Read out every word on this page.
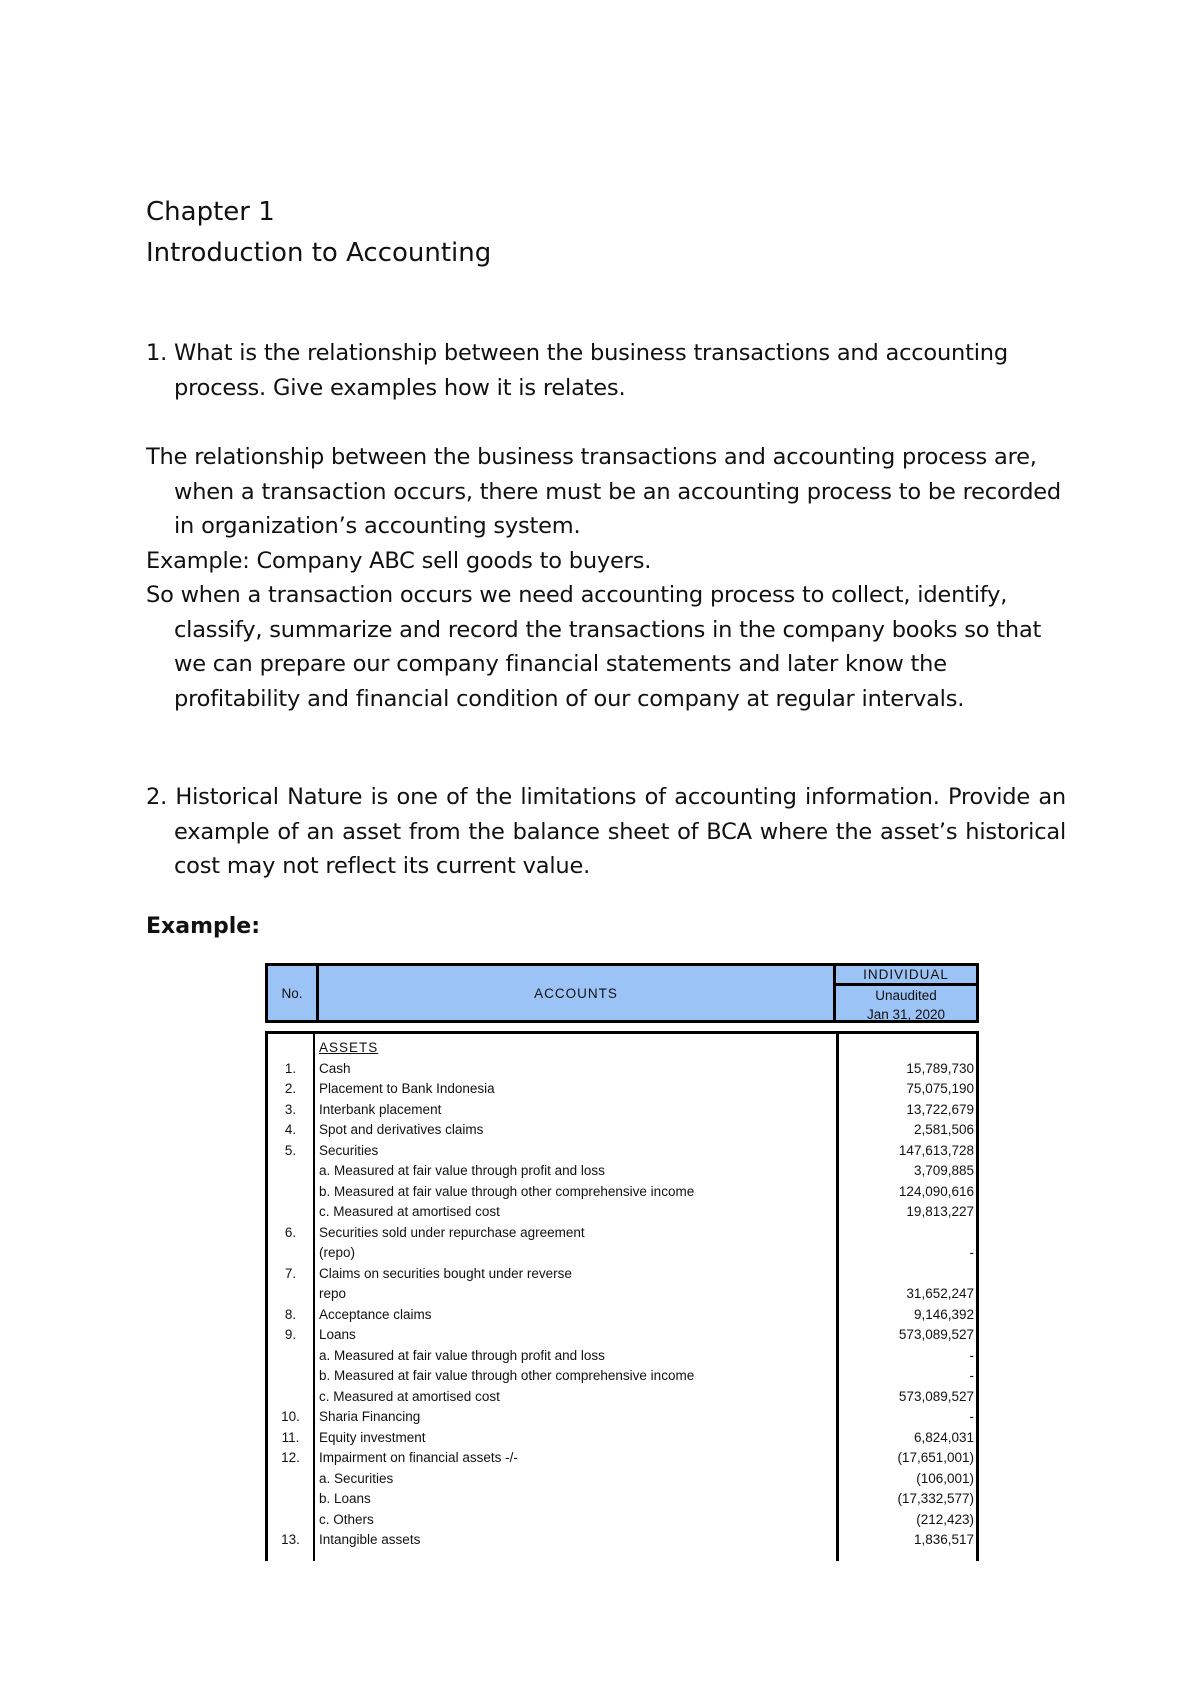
Chapter 1
Introduction to Accounting

1. What is the relationship between the business transactions and accounting process. Give examples how it is relates.

The relationship between the business transactions and accounting process are, when a transaction occurs, there must be an accounting process to be recorded in organization’s accounting system.

Example: Company ABC sell goods to buyers.

So when a transaction occurs we need accounting process to collect, identify, classify, summarize and record the transactions in the company books so that we can prepare our company financial statements and later know the profitability and financial condition of our company at regular intervals.

2. Historical Nature is one of the limitations of accounting information. Provide an example of an asset from the balance sheet of BCA where the asset’s historical cost may not reflect its current value.

Example:
No.	ACCOUNTS
INDIVIDUAL
Unaudited
Jan 31, 2020
ASSETS
1.	Cash	15,789,730
2.	Placement to Bank Indonesia	75,075,190
3.	Interbank placement	13,722,679
4.	Spot and derivatives claims	2,581,506
5.	Securities	147,613,728
a. Measured at fair value through profit and loss	3,709,885
b. Measured at fair value through other comprehensive income	124,090,616
c. Measured at amortised cost	19,813,227
6.	Securities sold under repurchase agreement
(repo)	-
7.	Claims on securities bought under reverse
repo	31,652,247
8.	Acceptance claims	9,146,392
9.	Loans	573,089,527
a. Measured at fair value through profit and loss	-
b. Measured at fair value through other comprehensive income	-
c. Measured at amortised cost	573,089,527
10.	Sharia Financing	-
11.	Equity investment	6,824,031
12.	Impairment on financial assets -/-	(17,651,001)
a. Securities	(106,001)
b. Loans	(17,332,577)
c. Others	(212,423)
13.	Intangible assets	1,836,517
